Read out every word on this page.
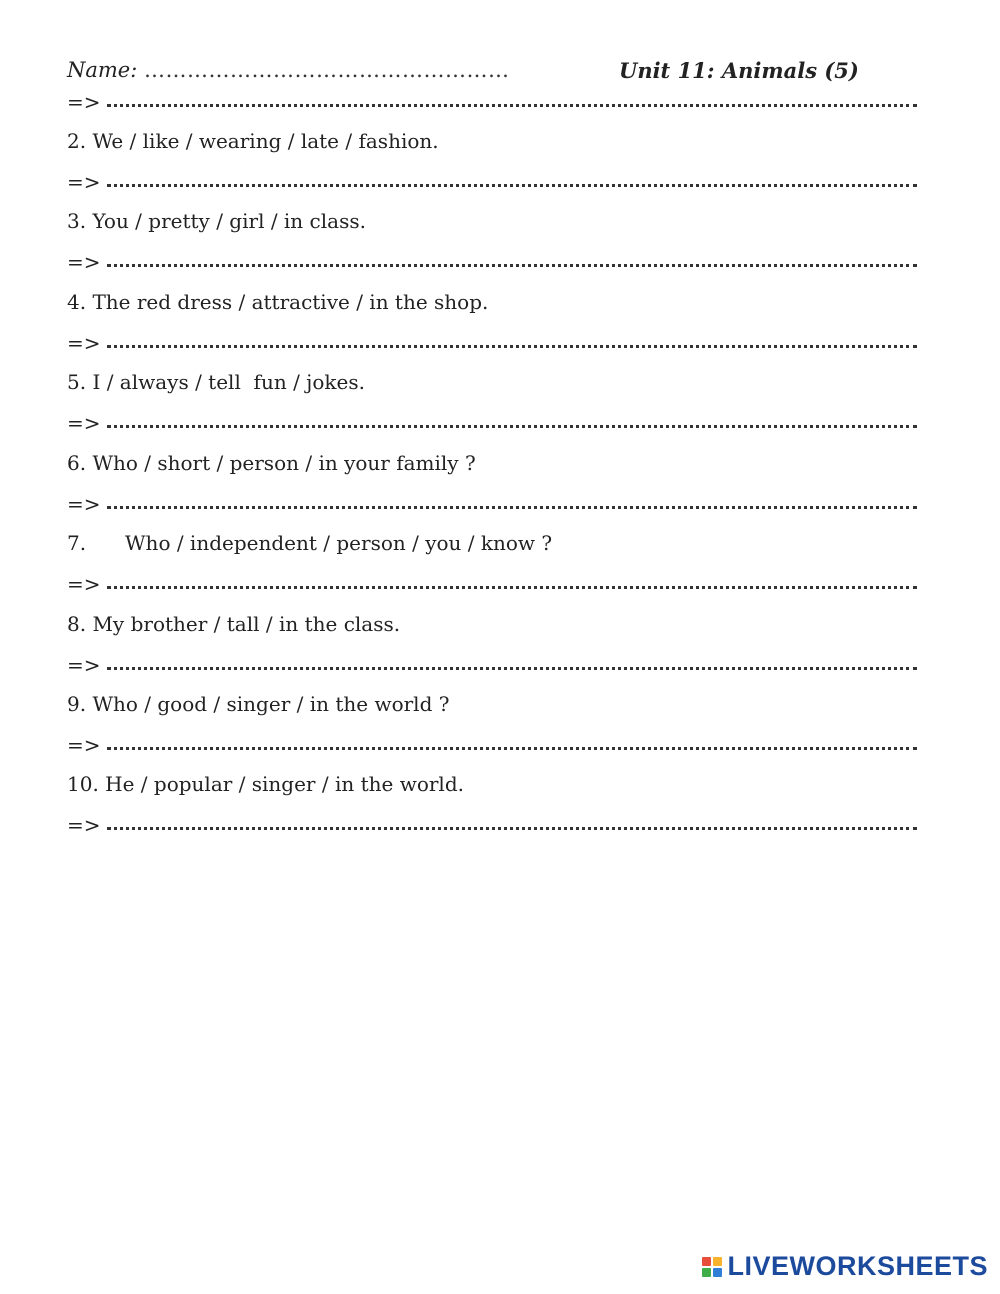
Name: ……………………………………………	Unit 11: Animals (5)
=>
2. We / like / wearing / late / fashion.
=>
3. You / pretty / girl / in class.
=>
4. The red dress / attractive / in the shop.
=>
5. I / always / tell  fun / jokes.
=>
6. Who / short / person / in your family ?
=>
7. Who / independent / person / you / know ?
=>
8. My brother / tall / in the class.
=>
9. Who / good / singer / in the world ?
=>
10. He / popular / singer / in the world.
=>
LIVEWORKSHEETS
